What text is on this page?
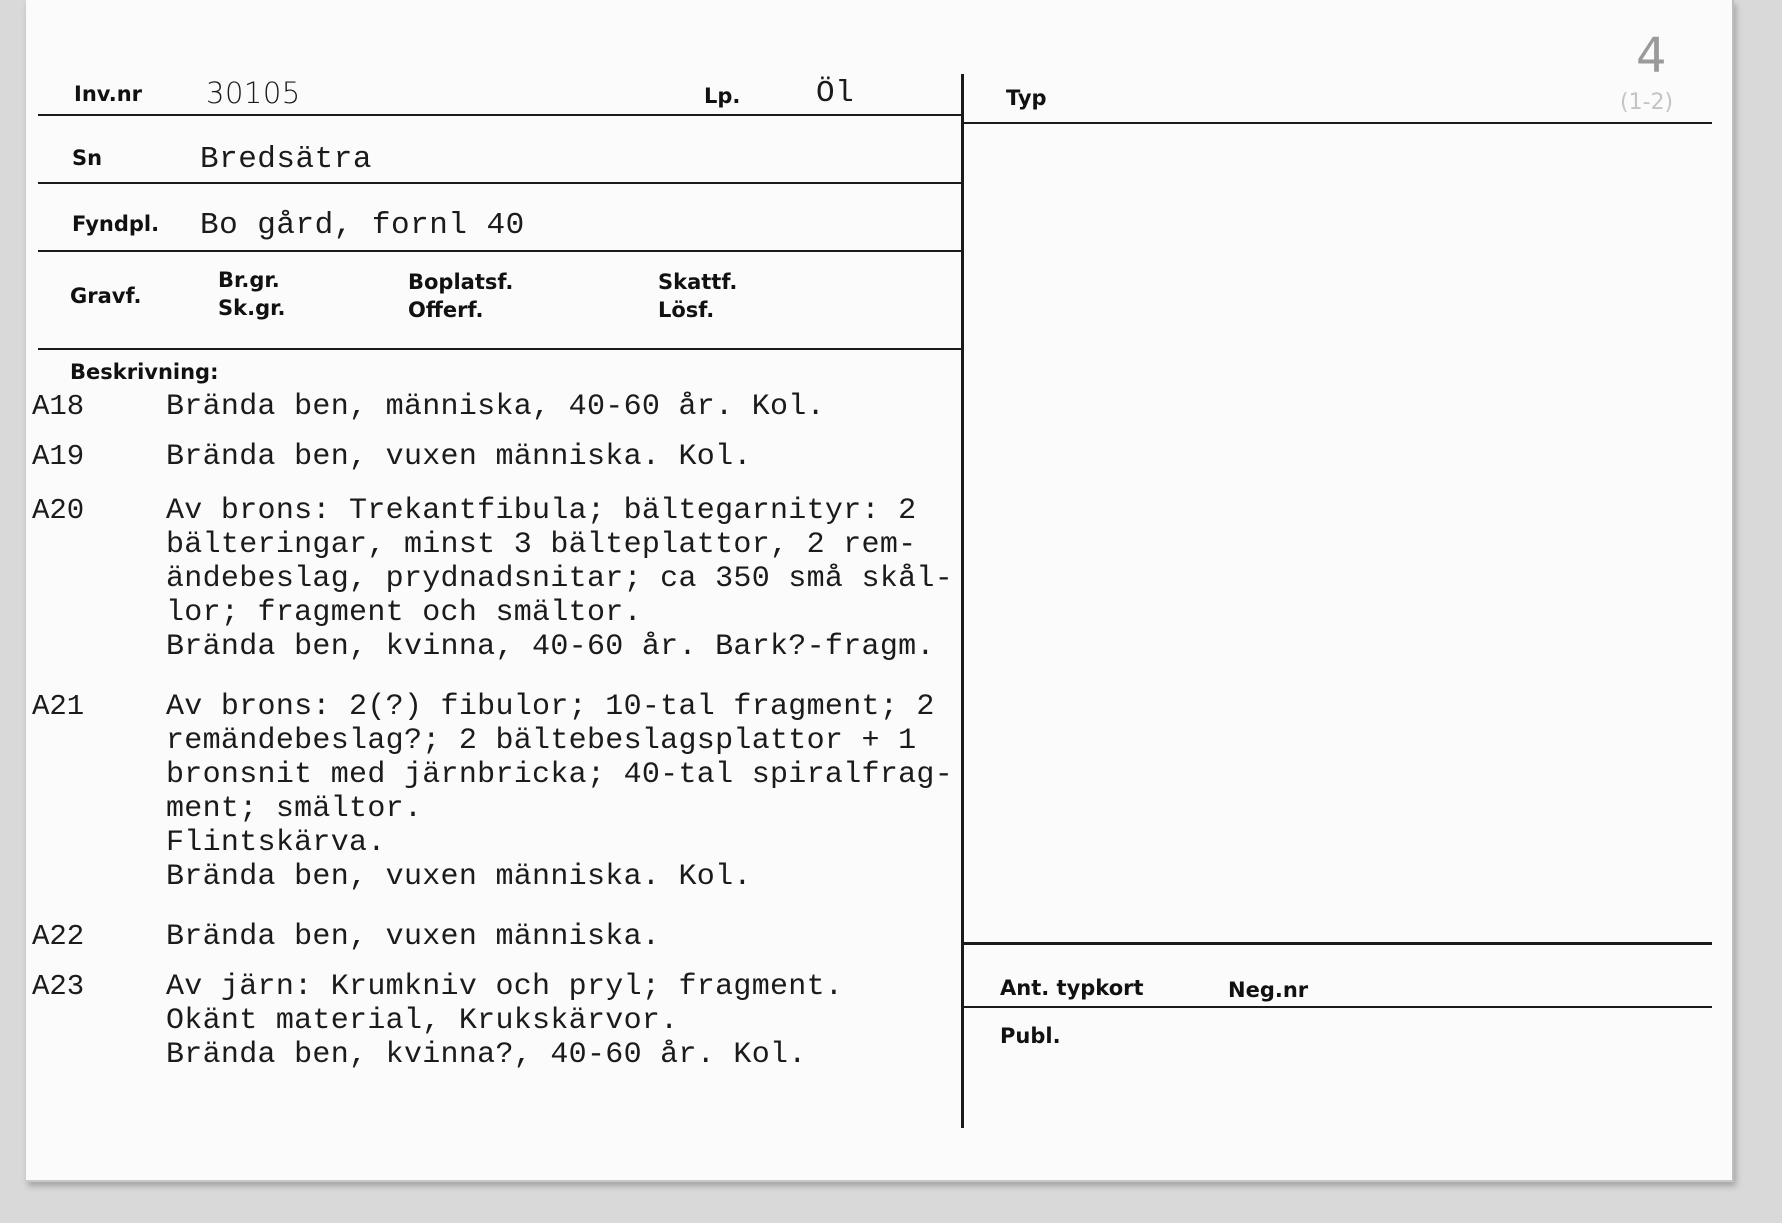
Inv.nr 30105	Lp. Öl	Typ
4
(1-2)
Sn	Bredsätra
Fyndpl. Bo gård, fornl 40
Gravf.
Br.gr.
Sk.gr.
Boplatsf.
Offerf.
Skattf.
Lösf.
Beskrivning:
A18	Brända ben, människa, 40-60 år. Kol.
A19	Brända ben, vuxen människa. Kol.
A20	Av brons: Trekantfibula; bältegarnityr: 2
bälteringar, minst 3 bälteplattor, 2 rem-
ändebeslag, prydnadsnitar; ca 350 små skål-
lor; fragment och smältor.
Brända ben, kvinna, 40-60 år. Bark?-fragm.
A21	Av brons: 2(?) fibulor; 10-tal fragment; 2
remändebeslag?; 2 bältebeslagsplattor + 1
bronsnit med järnbricka; 40-tal spiralfrag-
ment; smältor.
Flintskärva.
Brända ben, vuxen människa. Kol.
A22	Brända ben, vuxen människa.
A23	Av järn: Krumkniv och pryl; fragment.
Okänt material, Krukskärvor.
Brända ben, kvinna?, 40-60 år. Kol.
Ant. typkort	Neg.nr
Publ.
